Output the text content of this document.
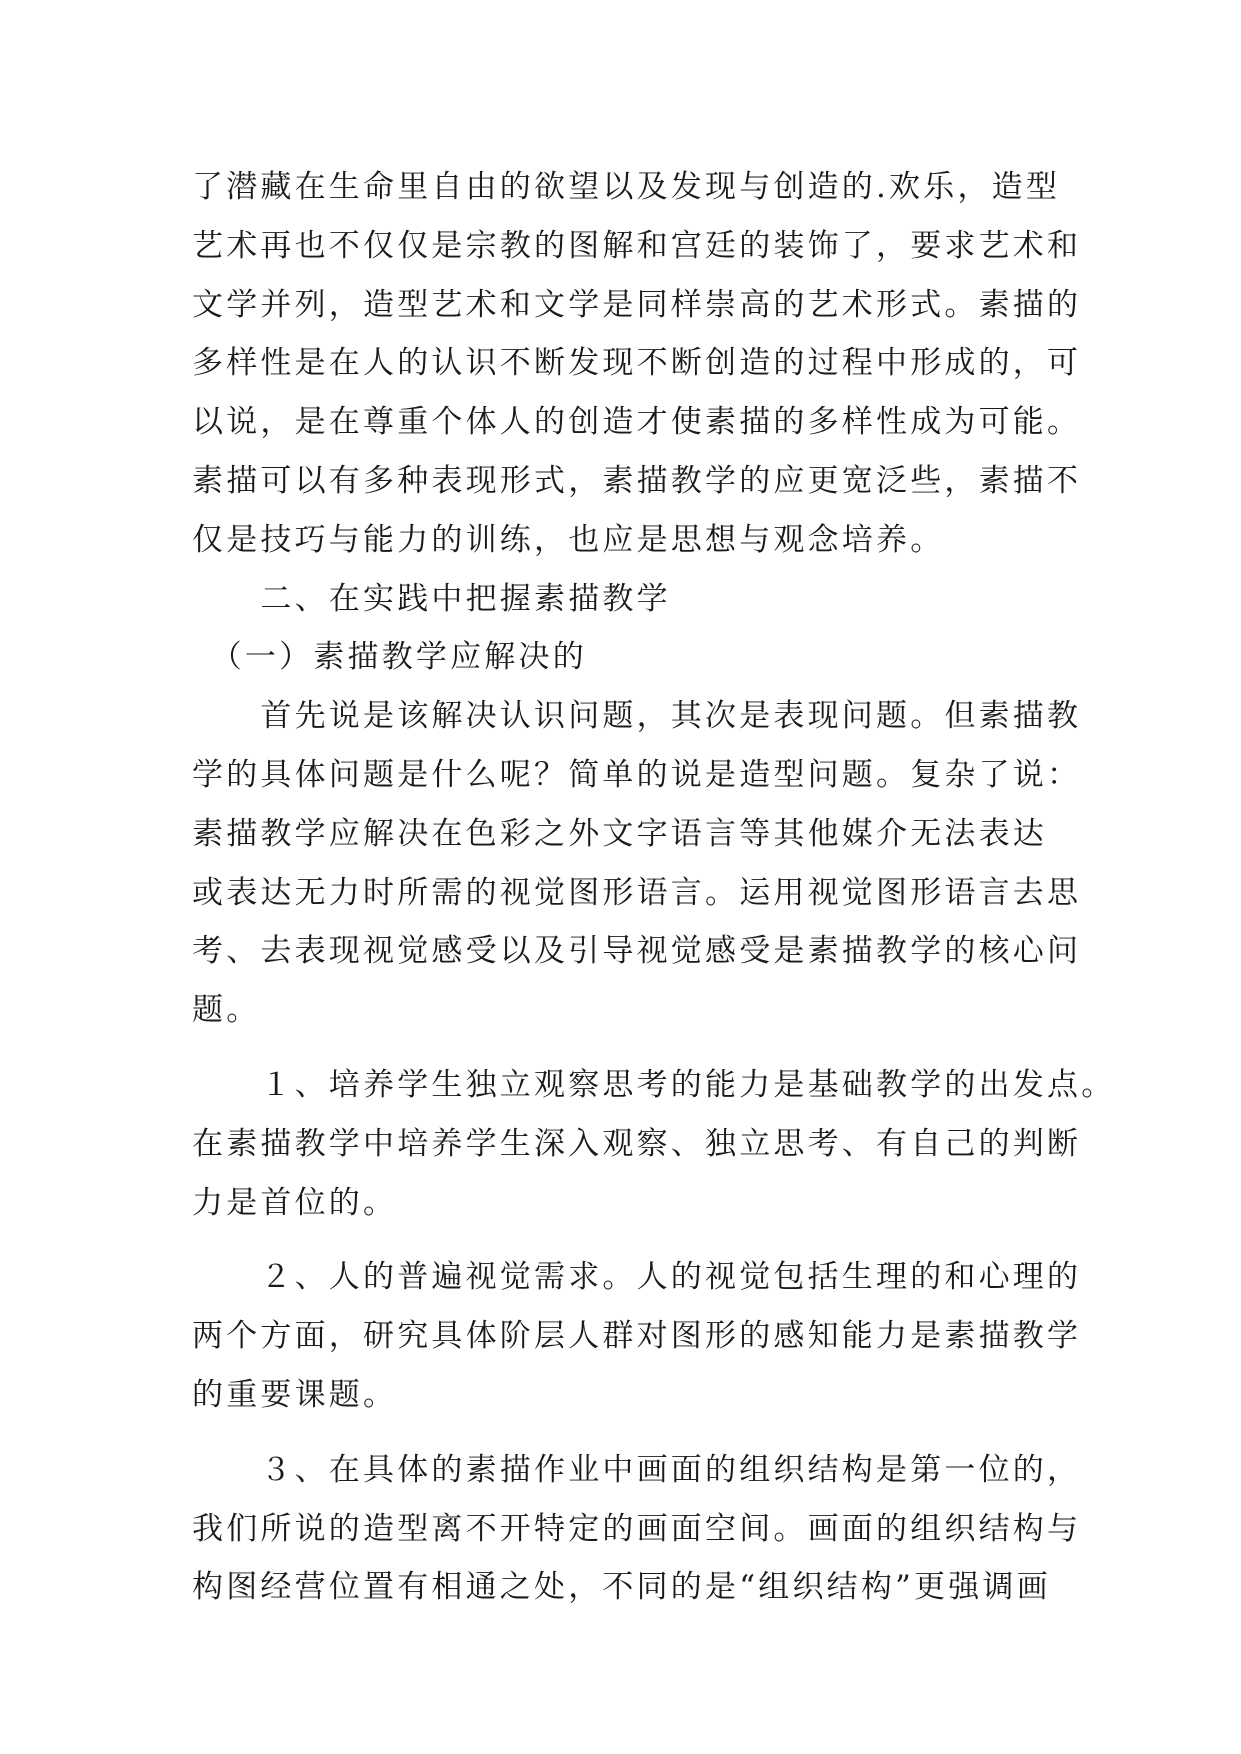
了潜藏在生命里自由的欲望以及发现与创造的.欢乐，造型
艺术再也不仅仅是宗教的图解和宫廷的装饰了，要求艺术和
文学并列，造型艺术和文学是同样崇高的艺术形式。素描的
多样性是在人的认识不断发现不断创造的过程中形成的，可
以说，是在尊重个体人的创造才使素描的多样性成为可能。
素描可以有多种表现形式，素描教学的应更宽泛些，素描不
仅是技巧与能力的训练，也应是思想与观念培养。
　　二、在实践中把握素描教学
　（一）素描教学应解决的
　　首先说是该解决认识问题，其次是表现问题。但素描教
学的具体问题是什么呢？简单的说是造型问题。复杂了说：
素描教学应解决在色彩之外文字语言等其他媒介无法表达
或表达无力时所需的视觉图形语言。运用视觉图形语言去思
考、去表现视觉感受以及引导视觉感受是素描教学的核心问
题。
　　１、培养学生独立观察思考的能力是基础教学的出发点。
在素描教学中培养学生深入观察、独立思考、有自己的判断
力是首位的。
　　２、人的普遍视觉需求。人的视觉包括生理的和心理的
两个方面，研究具体阶层人群对图形的感知能力是素描教学
的重要课题。
　　３、在具体的素描作业中画面的组织结构是第一位的，
我们所说的造型离不开特定的画面空间。画面的组织结构与
构图经营位置有相通之处，不同的是“组织结构”更强调画
